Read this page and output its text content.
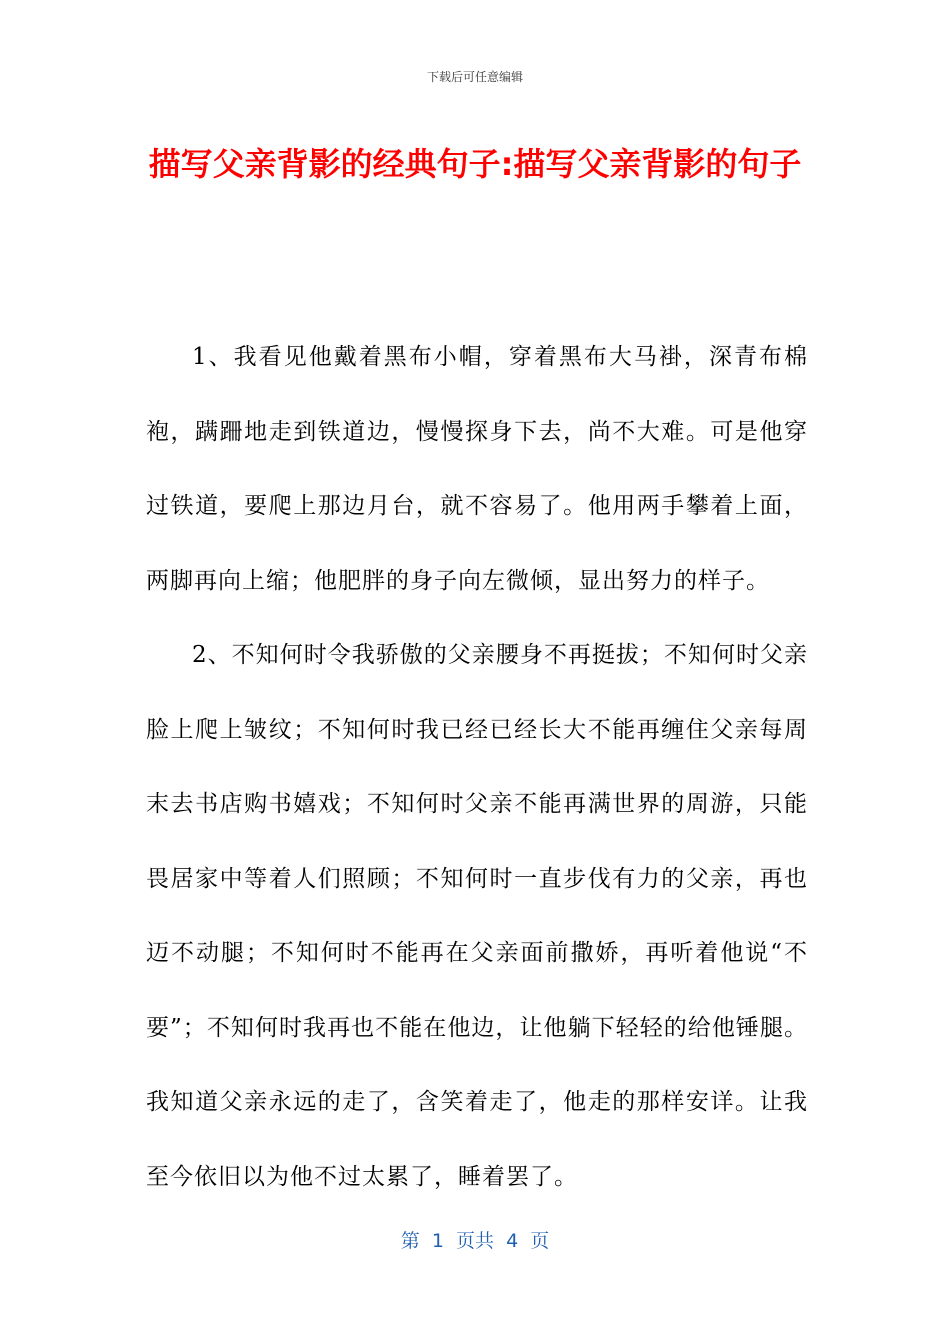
下载后可任意编辑
描写父亲背影的经典句子:描写父亲背影的句子

1、我看见他戴着黑布小帽，穿着黑布大马褂，深青布棉袍，蹒跚地走到铁道边，慢慢探身下去，尚不大难。可是他穿过铁道，要爬上那边月台，就不容易了。他用两手攀着上面，两脚再向上缩；他肥胖的身子向左微倾，显出努力的样子。

2、不知何时令我骄傲的父亲腰身不再挺拔；不知何时父亲脸上爬上皱纹；不知何时我已经已经长大不能再缠住父亲每周末去书店购书嬉戏；不知何时父亲不能再满世界的周游，只能畏居家中等着人们照顾；不知何时一直步伐有力的父亲，再也迈不动腿；不知何时不能再在父亲面前撒娇，再听着他说“不要”；不知何时我再也不能在他边，让他躺下轻轻的给他锤腿。我知道父亲永远的走了，含笑着走了，他走的那样安详。让我至今依旧以为他不过太累了，睡着罢了。

第  1  页共  4  页
